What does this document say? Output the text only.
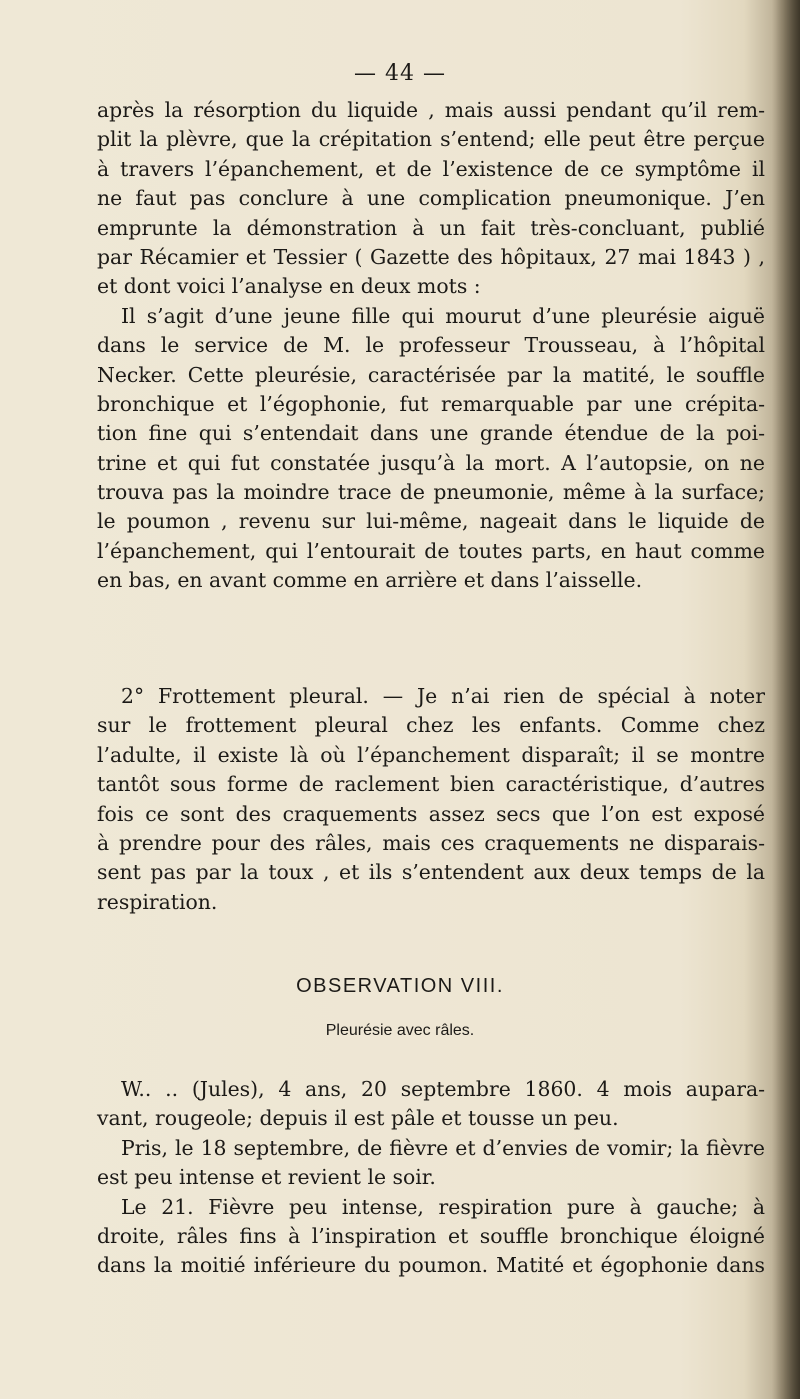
— 44 —
après la résorption du liquide , mais aussi pendant qu’il rem-
plit la plèvre, que la crépitation s’entend; elle peut être perçue
à travers l’épanchement, et de l’existence de ce symptôme il
ne faut pas conclure à une complication pneumonique. J’en
emprunte la démonstration à un fait très-concluant, publié
par Récamier et Tessier ( Gazette des hôpitaux, 27 mai 1843 ) ,
et dont voici l’analyse en deux mots :
Il s’agit d’une jeune fille qui mourut d’une pleurésie aiguë
dans le service de M. le professeur Trousseau, à l’hôpital
Necker. Cette pleurésie, caractérisée par la matité, le souffle
bronchique et l’égophonie, fut remarquable par une crépita-
tion fine qui s’entendait dans une grande étendue de la poi-
trine et qui fut constatée jusqu’à la mort. A l’autopsie, on ne
trouva pas la moindre trace de pneumonie, même à la surface;
le poumon , revenu sur lui-même, nageait dans le liquide de
l’épanchement, qui l’entourait de toutes parts, en haut comme
en bas, en avant comme en arrière et dans l’aisselle.
2° Frottement pleural. — Je n’ai rien de spécial à noter
sur le frottement pleural chez les enfants. Comme chez
l’adulte, il existe là où l’épanchement disparaît; il se montre
tantôt sous forme de raclement bien caractéristique, d’autres
fois ce sont des craquements assez secs que l’on est exposé
à prendre pour des râles, mais ces craquements ne disparais-
sent pas par la toux , et ils s’entendent aux deux temps de la
respiration.
OBSERVATION VIII.
Pleurésie avec râles.
W.. .. (Jules), 4 ans, 20 septembre 1860. 4 mois aupara-
vant, rougeole; depuis il est pâle et tousse un peu.
Pris, le 18 septembre, de fièvre et d’envies de vomir; la fièvre
est peu intense et revient le soir.
Le 21. Fièvre peu intense, respiration pure à gauche; à
droite, râles fins à l’inspiration et souffle bronchique éloigné
dans la moitié inférieure du poumon. Matité et égophonie dans
